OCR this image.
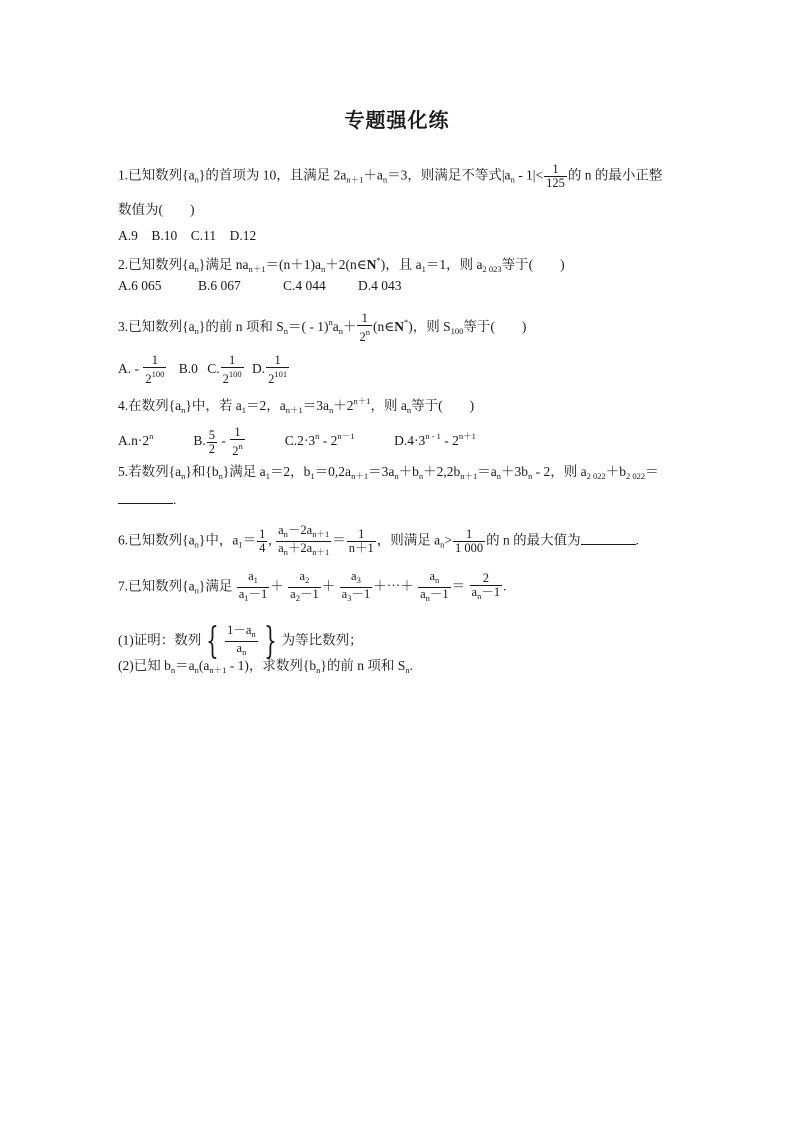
专题强化练
1.已知数列$\{a_n\}$的首项为 10，且满足 $2a_{n+1}+a_n=3$，则满足不等式$|a_n$ ‐ $1|< \frac{1}{125}$ 的 n 的最小正整
数值为(　　)
A.9　B.10　C.11　D.12
2.已知数列$\{a_n\}$满足 $na_{n+1}=(n+1)a_n+2(n\in N^*)$，且 $a_1=1$，则 $a_{2 023}$等于(　　)
A.6 065	B.6 067	C.4 044 D.4 043
3.已知数列$\{a_n\}$的前 n 项和 $S_n=$( ‐ $1)^na_n+ \frac{1}{2^n}$ (n∈N*)，则 $S_{100}$等于(　　)
A. ‐ $\frac{1}{2^{100}} B.0$ C. $\frac{1}{2^{100}} D$. $\frac{1}{2^{101}}$
4.在数列$\{a_n\}$中，若 $a_1=2$，$a_{n+1}=3a_n+2^{n+1}$，则 $a_n$等于(　　)
$A.n\cdot 2^n$	B. $\frac{5}{2}$ ‐ $\frac{1}{2^n}$	$C.2\cdot 3^n$ ‐ $2^{n-1}$	$D.4\cdot 3^{n ‐ 1}$ ‐ $2^{n+1}$
5.若数列$\{a_n\}$和$\{b_n\}$满足 $a_1=2$，$b_1=0,2a_{n+1}=3a_n+b_n+2,2b_{n+1}=a_n+3b_n$ ‐ 2，则 $a_{2 022}+b_{2 022}=$
.
6.已知数列$\{a_n\}$中，$a_1= \frac{1}{4}$ , $\frac{a_n-2a_{n+1}}{a_n+2a_{n+1}} = \frac{1}{n+1}$ ，则满足 $a_n> \frac{1}{1 000}$ 的 n 的最大值为	.
7.已知数列$\{a_n\}$满足 $\frac{a_1}{a_1-1} + \frac{a_2}{a_2-1} + \frac{a_3}{a_3-1}$ ＋⋯＋ $\frac{a_n}{a_n-1} = \frac{2}{a_n-1}$ .
(1)证明：数列 { $\frac{1-a_n}{a_n}$ } 为等比数列；
(2)已知 $b_n=a_n(a_{n+1}$ ‐ 1)，求数列$\{b_n\}$的前 n 项和 $S_n$.
